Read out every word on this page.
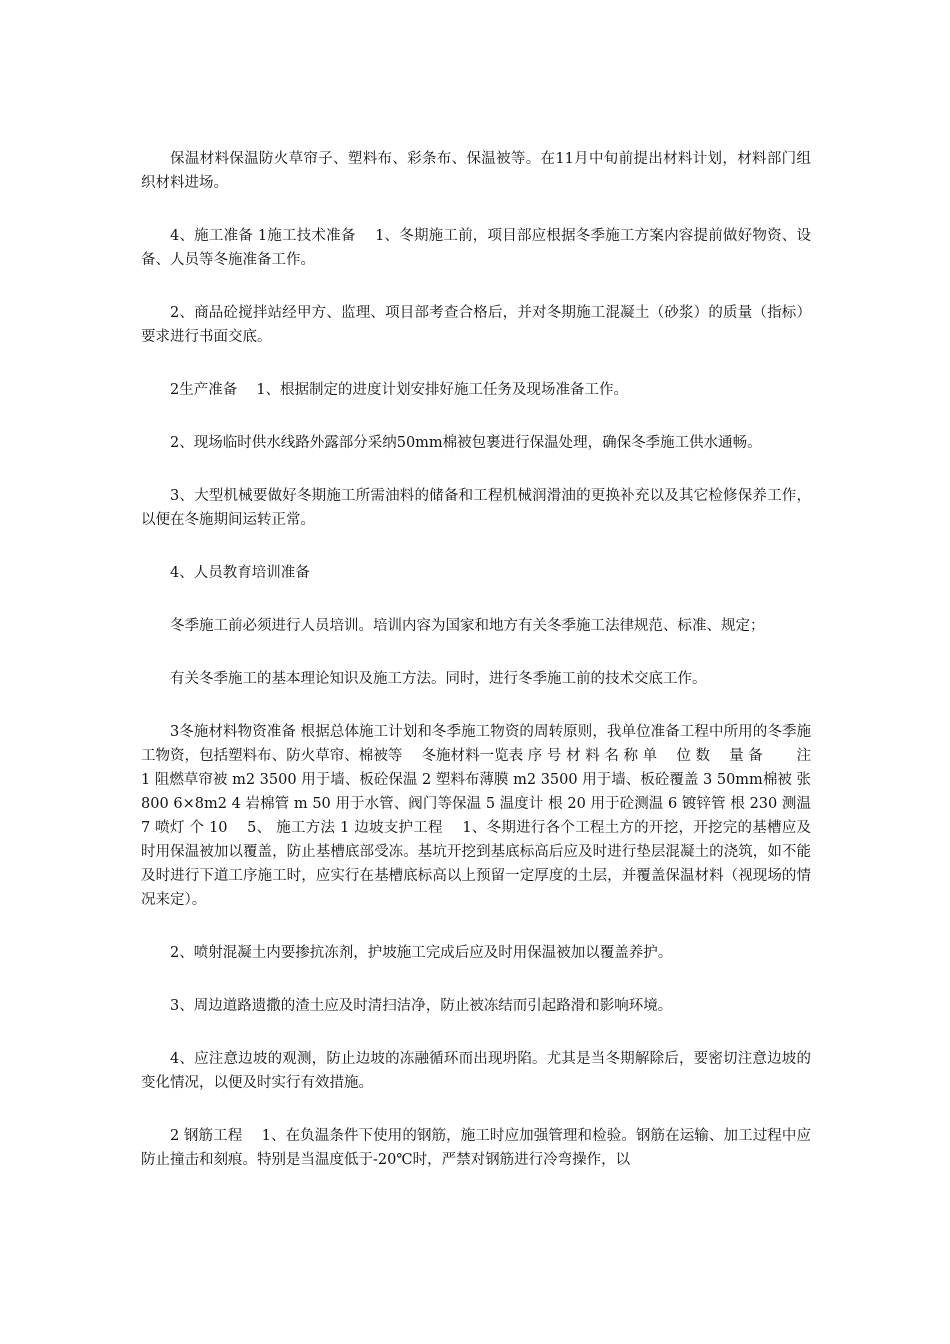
保温材料保温防火草帘子、塑料布、彩条布、保温被等。在11月中旬前提出材料计划，材料部门组织材料进场。

4、施工准备 1施工技术准备 　1、冬期施工前，项目部应根据冬季施工方案内容提前做好物资、设备、人员等冬施准备工作。

2、商品砼搅拌站经甲方、监理、项目部考查合格后，并对冬期施工混凝土（砂浆）的质量（指标）要求进行书面交底。

2生产准备 　1、根据制定的进度计划安排好施工任务及现场准备工作。

2、现场临时供水线路外露部分采纳50mm棉被包裹进行保温处理，确保冬季施工供水通畅。

3、大型机械要做好冬期施工所需油料的储备和工程机械润滑油的更换补充以及其它检修保养工作，以便在冬施期间运转正常。

4、人员教育培训准备

冬季施工前必须进行人员培训。培训内容为国家和地方有关冬季施工法律规范、标准、规定；

有关冬季施工的基本理论知识及施工方法。同时，进行冬季施工前的技术交底工作。

3冬施材料物资准备 根据总体施工计划和冬季施工物资的周转原则，我单位准备工程中所用的冬季施工物资，包括塑料布、防火草帘、棉被等 　冬施材料一览表 序 号 材 料 名 称 单 　位 数 　量 备 　　注 1 阻燃草帘被 m2 3500 用于墙、板砼保温 2 塑料布薄膜 m2 3500 用于墙、板砼覆盖 3 50mm棉被 张 800 6×8m2 4 岩棉管 m 50 用于水管、阀门等保温 5 温度计 根 20 用于砼测温 6 镀锌管 根 230 测温 7 喷灯 个 10 　5、 施工方法 1 边坡支护工程 　1、冬期进行各个工程土方的开挖，开挖完的基槽应及时用保温被加以覆盖，防止基槽底部受冻。基坑开挖到基底标高后应及时进行垫层混凝土的浇筑，如不能及时进行下道工序施工时，应实行在基槽底标高以上预留一定厚度的土层，并覆盖保温材料（视现场的情况来定）。

2、喷射混凝土内要掺抗冻剂，护坡施工完成后应及时用保温被加以覆盖养护。

3、周边道路遗撒的渣土应及时清扫洁净，防止被冻结而引起路滑和影响环境。

4、应注意边坡的观测，防止边坡的冻融循环而出现坍陷。尤其是当冬期解除后，要密切注意边坡的变化情况，以便及时实行有效措施。

2 钢筋工程 　1、在负温条件下使用的钢筋，施工时应加强管理和检验。钢筋在运输、加工过程中应防止撞击和刻痕。特别是当温度低于-20℃时，严禁对钢筋进行冷弯操作，以
